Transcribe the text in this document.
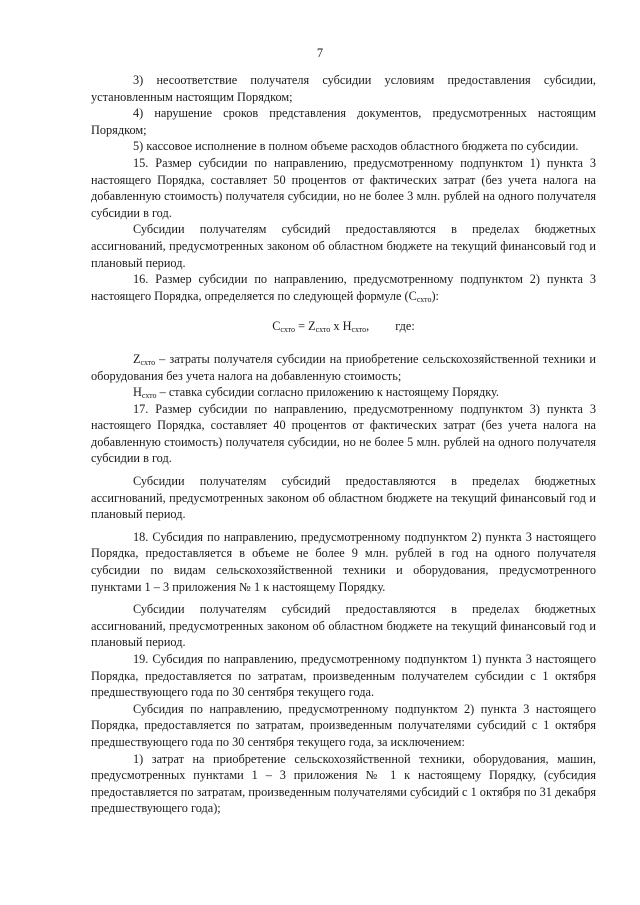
7

3) несоответствие получателя субсидии условиям предоставления субсидии, установленным настоящим Порядком;

4) нарушение сроков представления документов, предусмотренных настоящим Порядком;

5) кассовое исполнение в полном объеме расходов областного бюджета по субсидии.

15. Размер субсидии по направлению, предусмотренному подпунктом 1) пункта 3 настоящего Порядка, составляет 50 процентов от фактических затрат (без учета налога на добавленную стоимость) получателя субсидии, но не более 3 млн. рублей на одного получателя субсидии в год.

Субсидии получателям субсидий предоставляются в пределах бюджетных ассигнований, предусмотренных законом об областном бюджете на текущий финансовый год и плановый период.

16. Размер субсидии по направлению, предусмотренному подпунктом 2) пункта 3 настоящего Порядка, определяется по следующей формуле $(C_{схто})$:

$C_{схто} = Z_{схто}$ x $H_{схто}$, где:

$Z_{схто}$ – затраты получателя субсидии на приобретение сельскохозяйственной техники и оборудования без учета налога на добавленную стоимость;

$H_{схто}$ – ставка субсидии согласно приложению к настоящему Порядку.

17. Размер субсидии по направлению, предусмотренному подпунктом 3) пункта 3 настоящего Порядка, составляет 40 процентов от фактических затрат (без учета налога на добавленную стоимость) получателя субсидии, но не более 5 млн. рублей на одного получателя субсидии в год.

Субсидии получателям субсидий предоставляются в пределах бюджетных ассигнований, предусмотренных законом об областном бюджете на текущий финансовый год и плановый период.

18. Субсидия по направлению, предусмотренному подпунктом 2) пункта 3 настоящего Порядка, предоставляется в объеме не более 9 млн. рублей в год на одного получателя субсидии по видам сельскохозяйственной техники и оборудования, предусмотренного пунктами 1 – 3 приложения № 1 к настоящему Порядку.

Субсидии получателям субсидий предоставляются в пределах бюджетных ассигнований, предусмотренных законом об областном бюджете на текущий финансовый год и плановый период.

19. Субсидия по направлению, предусмотренному подпунктом 1) пункта 3 настоящего Порядка, предоставляется по затратам, произведенным получателем субсидии с 1 октября предшествующего года по 30 сентября текущего года.

Субсидия по направлению, предусмотренному подпунктом 2) пункта 3 настоящего Порядка, предоставляется по затратам, произведенным получателями субсидий с 1 октября предшествующего года по 30 сентября текущего года, за исключением:

1) затрат на приобретение сельскохозяйственной техники, оборудования, машин, предусмотренных пунктами 1 – 3 приложения № 1 к настоящему Порядку, (субсидия предоставляется по затратам, произведенным получателями субсидий с 1 октября по 31 декабря предшествующего года);
